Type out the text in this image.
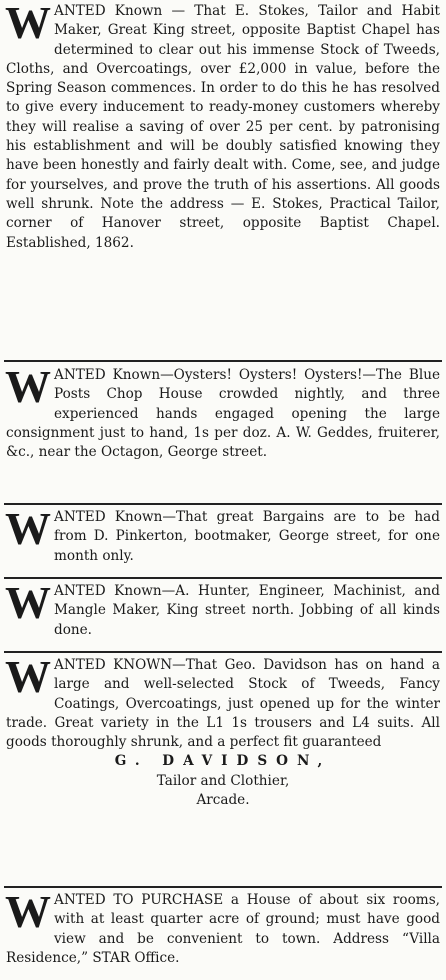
W ANTED Known — That E. Stokes, Tailor and Habit Maker, Great King street, opposite Baptist Chapel has determined to clear out his immense Stock of Tweeds, Cloths, and Overcoatings, over £2,000 in value, before the Spring Season commences. In order to do this he has resolved to give every inducement to ready-money customers whereby they will realise a saving of over 25 per cent. by patronising his establishment and will be doubly satisfied knowing they have been honestly and fairly dealt with. Come, see, and judge for yourselves, and prove the truth of his assertions. All goods well shrunk. Note the address — E. Stokes, Practical Tailor, corner of Hanover street, opposite Baptist Chapel. Established, 1862.

W ANTED Known—Oysters! Oysters! Oysters!—The Blue Posts Chop House crowded nightly, and three experienced hands engaged opening the large consignment just to hand, 1s per doz. A. W. Geddes, fruiterer, &c., near the Octagon, George street.

W ANTED Known—That great Bargains are to be had from D. Pinkerton, bootmaker, George street, for one month only.

W ANTED Known—A. Hunter, Engineer, Machinist, and Mangle Maker, King street north. Jobbing of all kinds done.

W ANTED KNOWN—That Geo. Davidson has on hand a large and well-selected Stock of Tweeds, Fancy Coatings, Overcoatings, just opened up for the winter trade. Great variety in the L1 1s trousers and L4 suits. All goods thoroughly shrunk, and a perfect fit guaranteed

G. DAVIDSON,
Tailor and Clothier,
Arcade.

W ANTED TO PURCHASE a House of about six rooms, with at least quarter acre of ground; must have good view and be convenient to town. Address “Villa Residence,” STAR Office.
